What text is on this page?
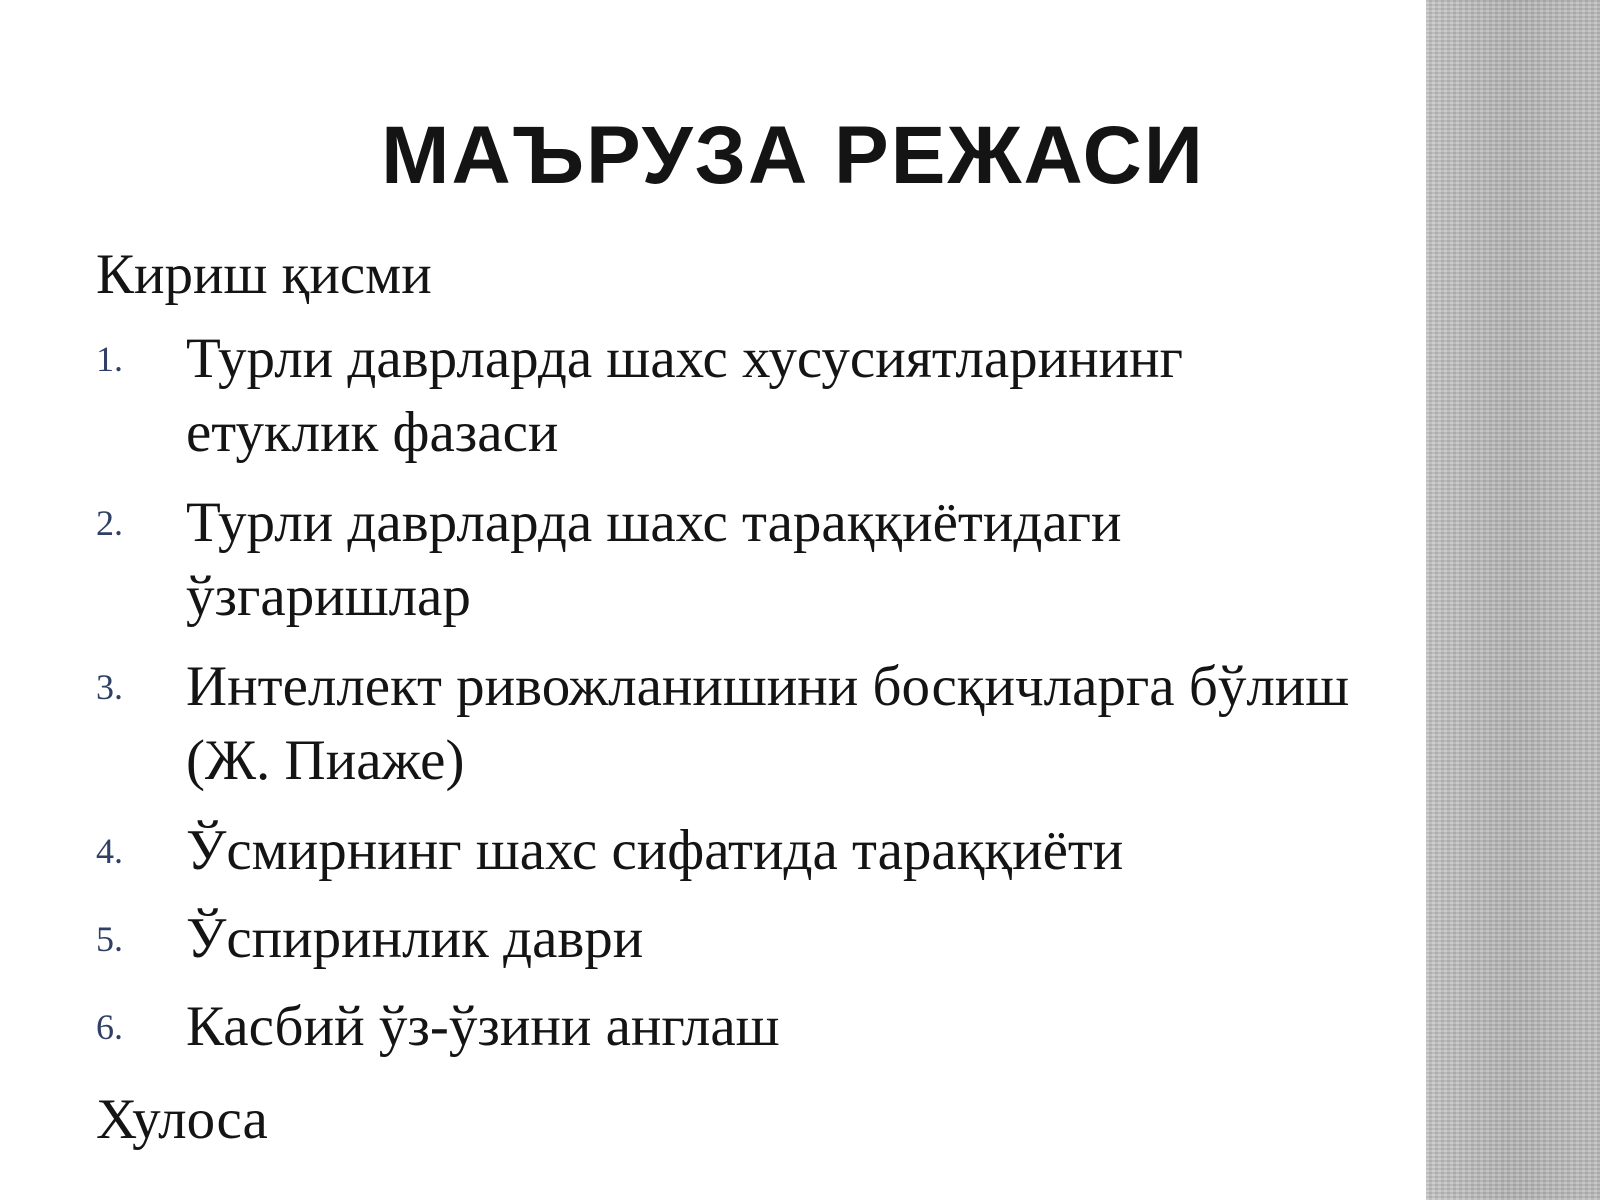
МАЪРУЗА РЕЖАСИ

Кириш қисми

1. Турли даврларда шахс хусусиятларининг етуклик фазаси
2. Турли даврларда шахс тараққиётидаги ўзгаришлар
3. Интеллект ривожланишини босқичларга бўлиш (Ж. Пиаже)
4. Ўсмирнинг шахс сифатида тараққиёти
5. Ўспиринлик даври
6. Касбий ўз-ўзини англаш

Хулоса
